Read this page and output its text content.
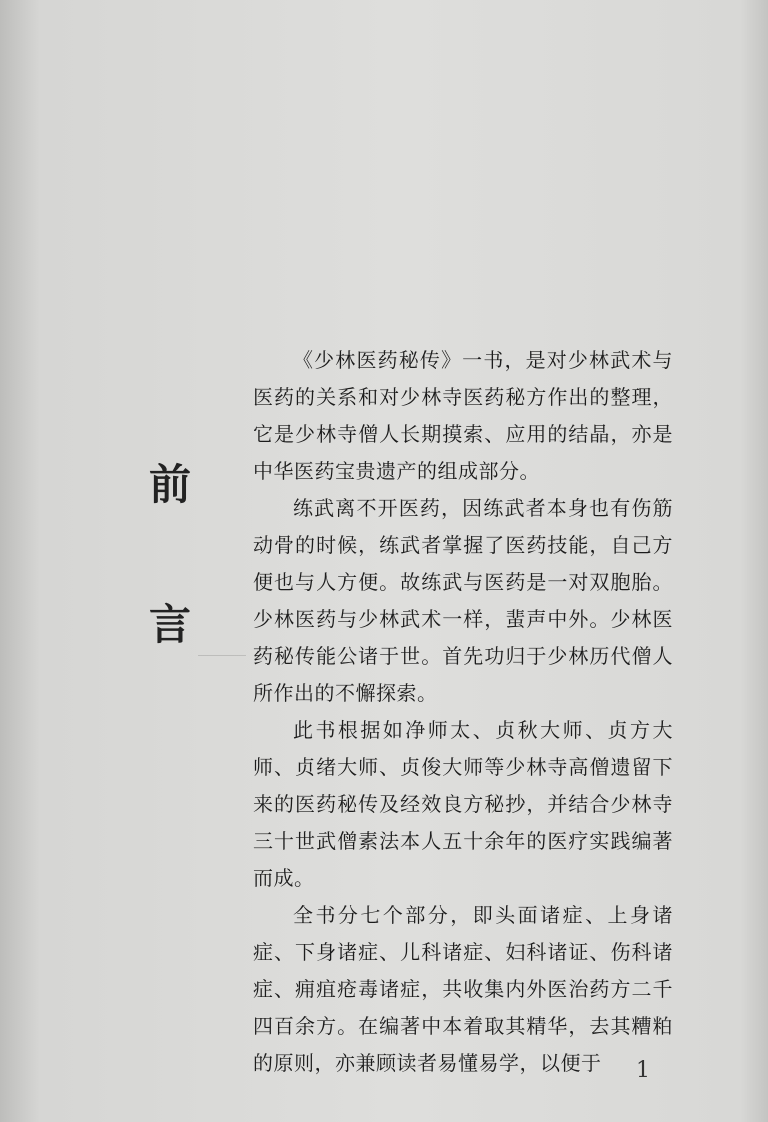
前
言

《少林医药秘传》一书，是对少林武术与医药的关系和对少林寺医药秘方作出的整理，它是少林寺僧人长期摸索、应用的结晶，亦是中华医药宝贵遗产的组成部分。

练武离不开医药，因练武者本身也有伤筋动骨的时候，练武者掌握了医药技能，自己方便也与人方便。故练武与医药是一对双胞胎。少林医药与少林武术一样，蜚声中外。少林医药秘传能公诸于世。首先功归于少林历代僧人所作出的不懈探索。

此书根据如净师太、贞秋大师、贞方大师、贞绪大师、贞俊大师等少林寺高僧遗留下来的医药秘传及经效良方秘抄，并结合少林寺三十世武僧素法本人五十余年的医疗实践编著而成。

全书分七个部分，即头面诸症、上身诸症、下身诸症、儿科诸症、妇科诸证、伤科诸症、痈疽疮毒诸症，共收集内外医治药方二千四百余方。在编著中本着取其精华，去其糟粕的原则，亦兼顾读者易懂易学，以便于	1
